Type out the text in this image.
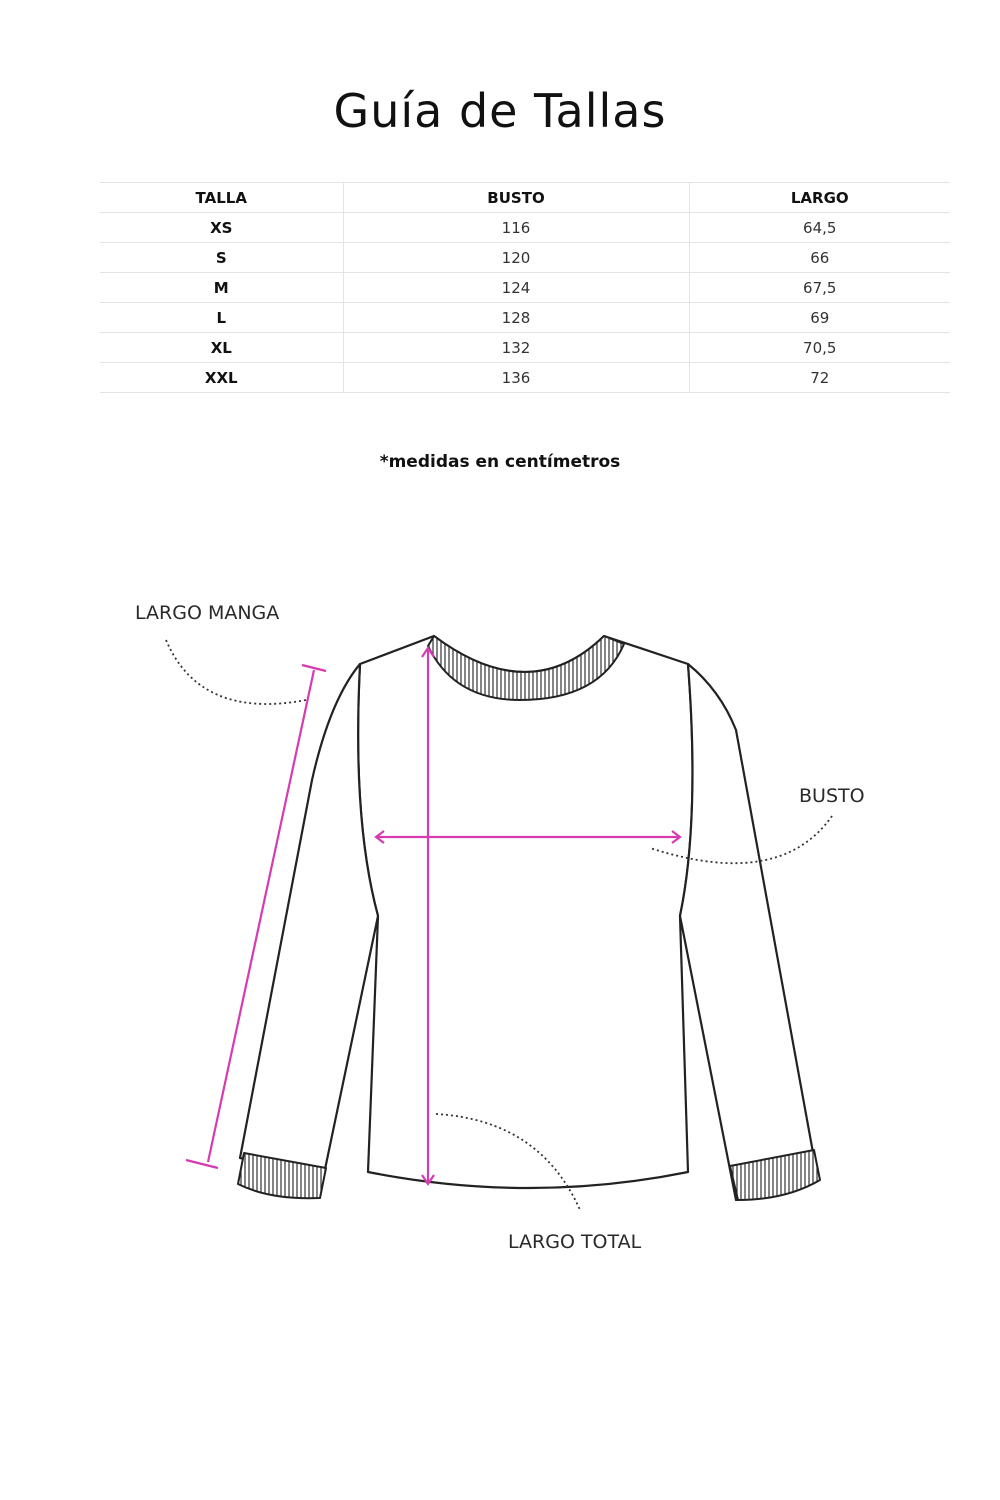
Guía de Tallas
TALLA	BUSTO	LARGO
XS	116	64,5
S	120	66
M	124	67,5
L	128	69
XL	132	70,5
XXL	136	72

*medidas en centímetros

LARGO MANGA
BUSTO
LARGO TOTAL
